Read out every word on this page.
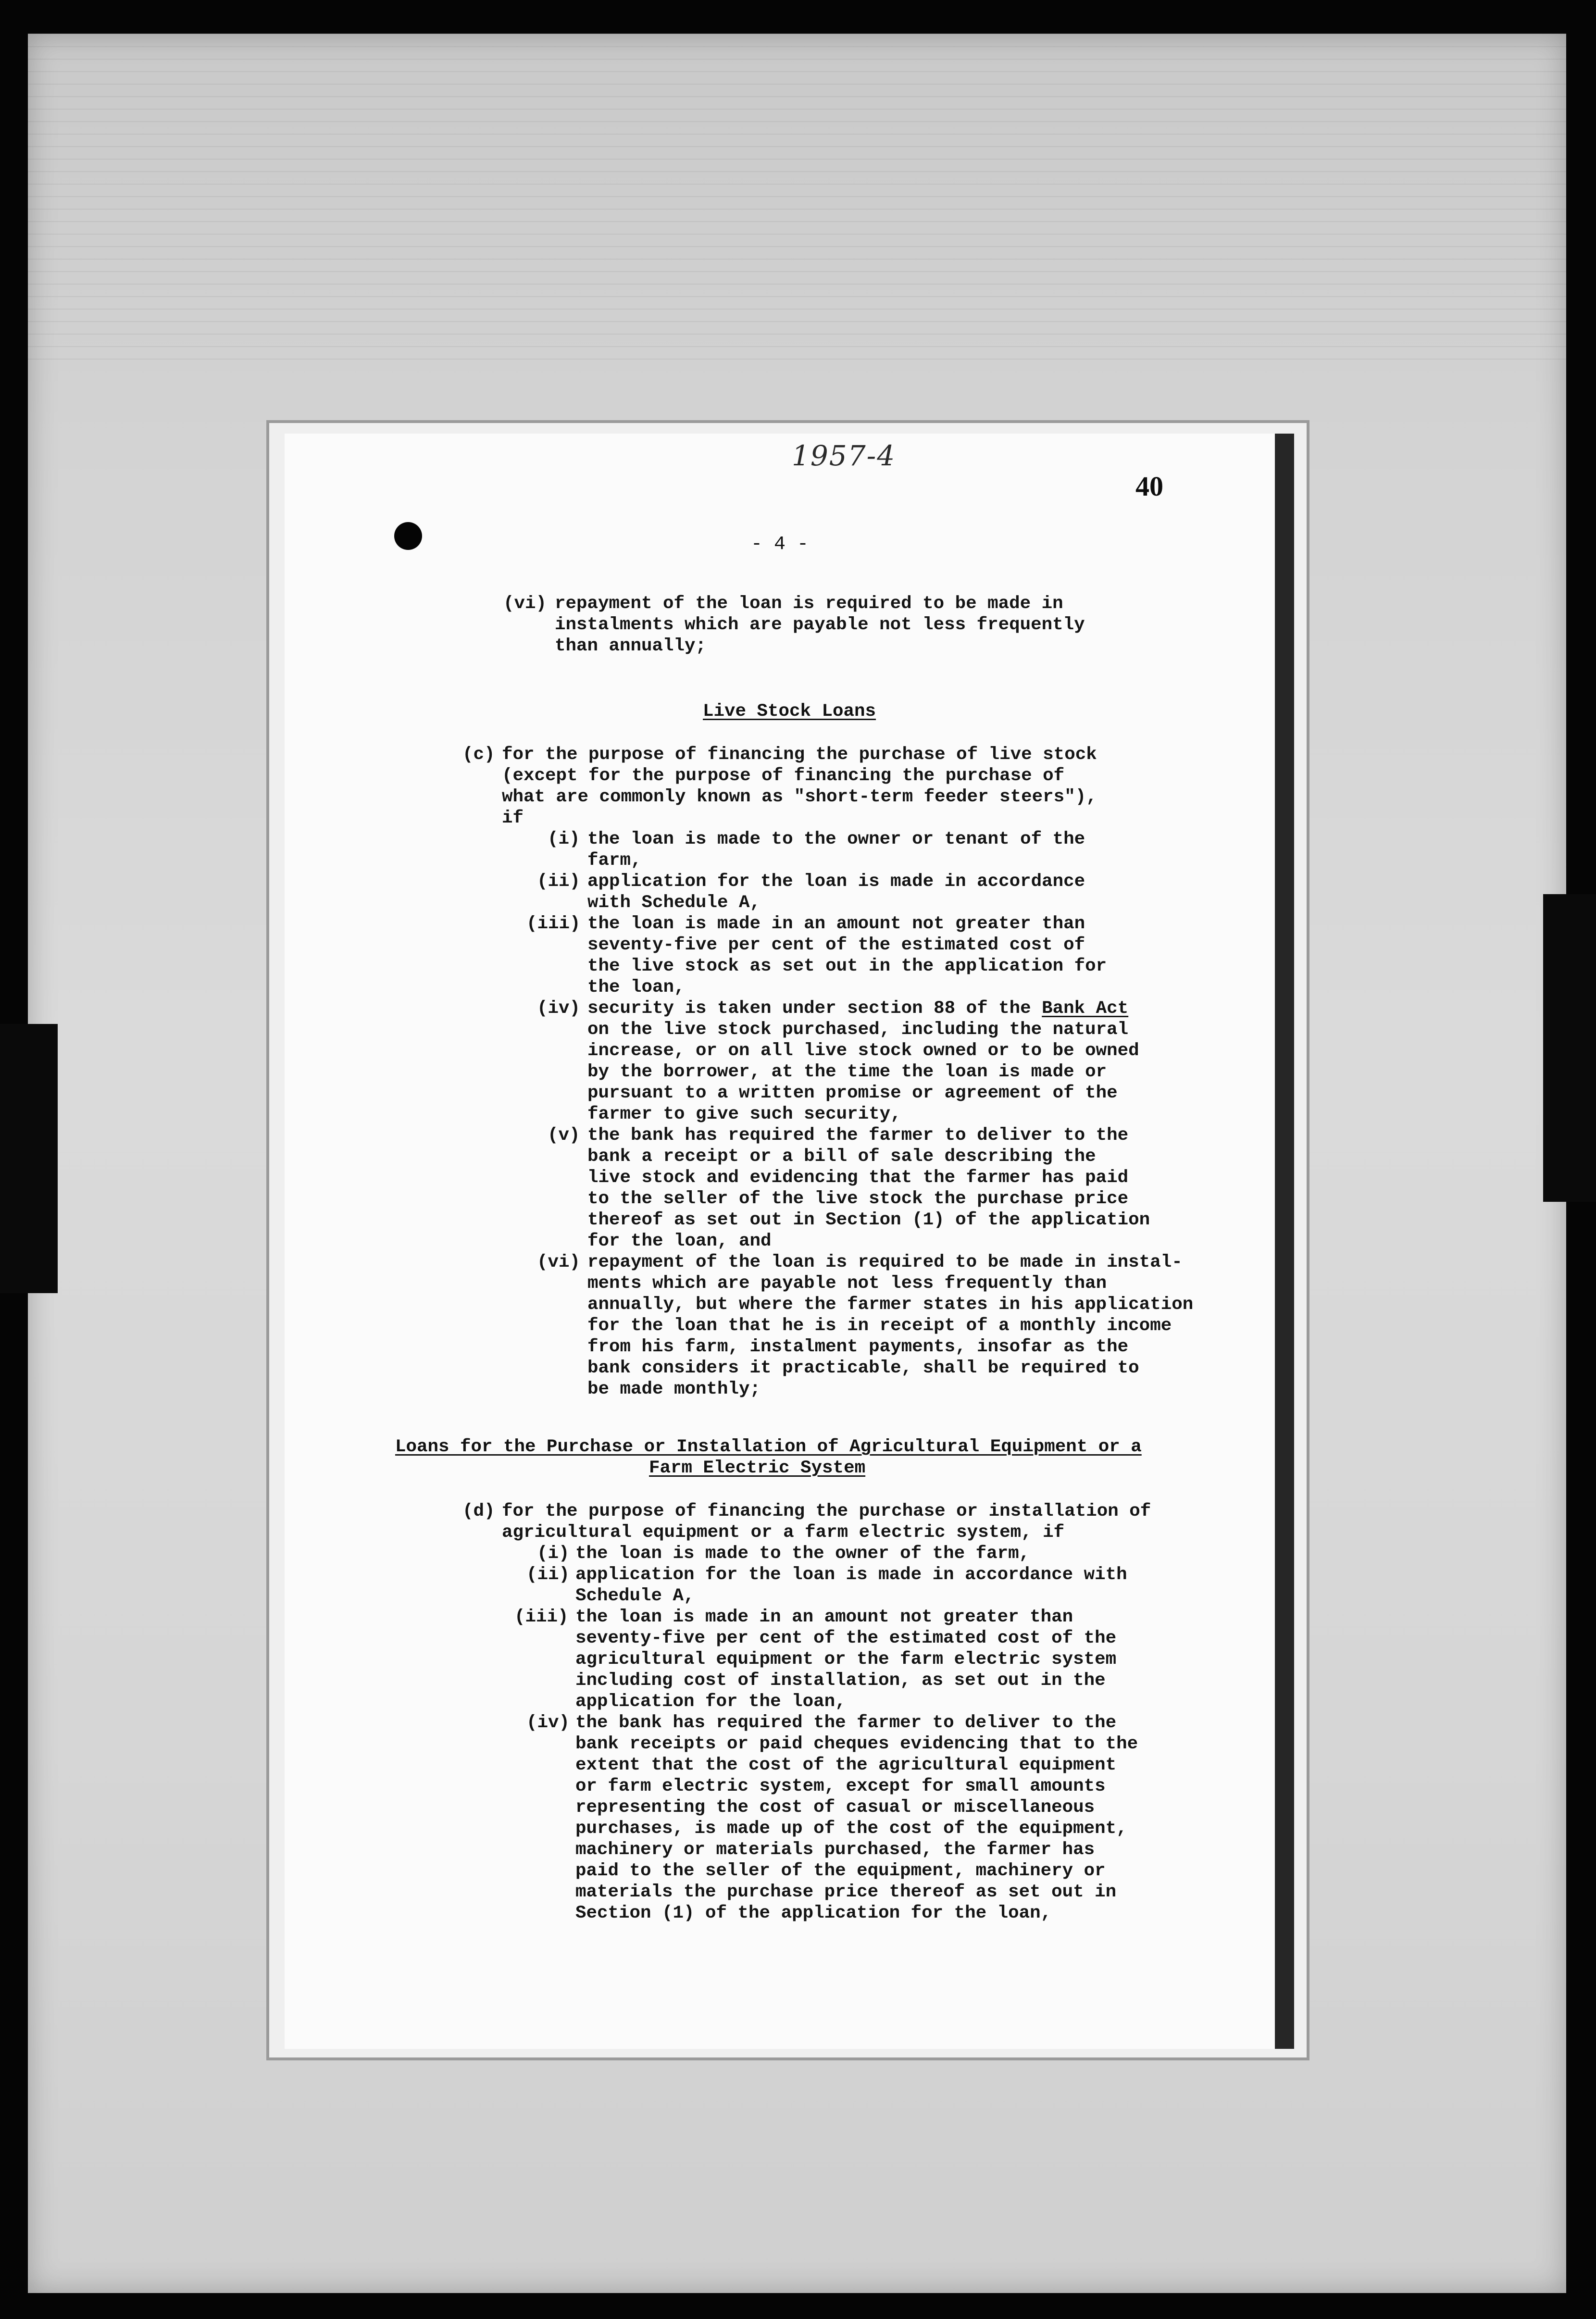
1957-4
40
- 4 -
(vi) repayment of the loan is required to be made in
instalments which are payable not less frequently
than annually;
Live Stock Loans
(c) for the purpose of financing the purchase of live stock
(except for the purpose of financing the purchase of
what are commonly known as "short-term feeder steers"),
if
(i) the loan is made to the owner or tenant of the
farm,
(ii) application for the loan is made in accordance
with Schedule A,
(iii) the loan is made in an amount not greater than
seventy-five per cent of the estimated cost of
the live stock as set out in the application for
the loan,
(iv) security is taken under section 88 of the Bank Act
on the live stock purchased, including the natural
increase, or on all live stock owned or to be owned
by the borrower, at the time the loan is made or
pursuant to a written promise or agreement of the
farmer to give such security,
(v) the bank has required the farmer to deliver to the
bank a receipt or a bill of sale describing the
live stock and evidencing that the farmer has paid
to the seller of the live stock the purchase price
thereof as set out in Section (1) of the application
for the loan, and
(vi) repayment of the loan is required to be made in instal-
ments which are payable not less frequently than
annually, but where the farmer states in his application
for the loan that he is in receipt of a monthly income
from his farm, instalment payments, insofar as the
bank considers it practicable, shall be required to
be made monthly;
Loans for the Purchase or Installation of Agricultural Equipment or a
Farm Electric System
(d) for the purpose of financing the purchase or installation of
agricultural equipment or a farm electric system, if
(i) the loan is made to the owner of the farm,
(ii) application for the loan is made in accordance with
Schedule A,
(iii) the loan is made in an amount not greater than
seventy-five per cent of the estimated cost of the
agricultural equipment or the farm electric system
including cost of installation, as set out in the
application for the loan,
(iv) the bank has required the farmer to deliver to the
bank receipts or paid cheques evidencing that to the
extent that the cost of the agricultural equipment
or farm electric system, except for small amounts
representing the cost of casual or miscellaneous
purchases, is made up of the cost of the equipment,
machinery or materials purchased, the farmer has
paid to the seller of the equipment, machinery or
materials the purchase price thereof as set out in
Section (1) of the application for the loan,
